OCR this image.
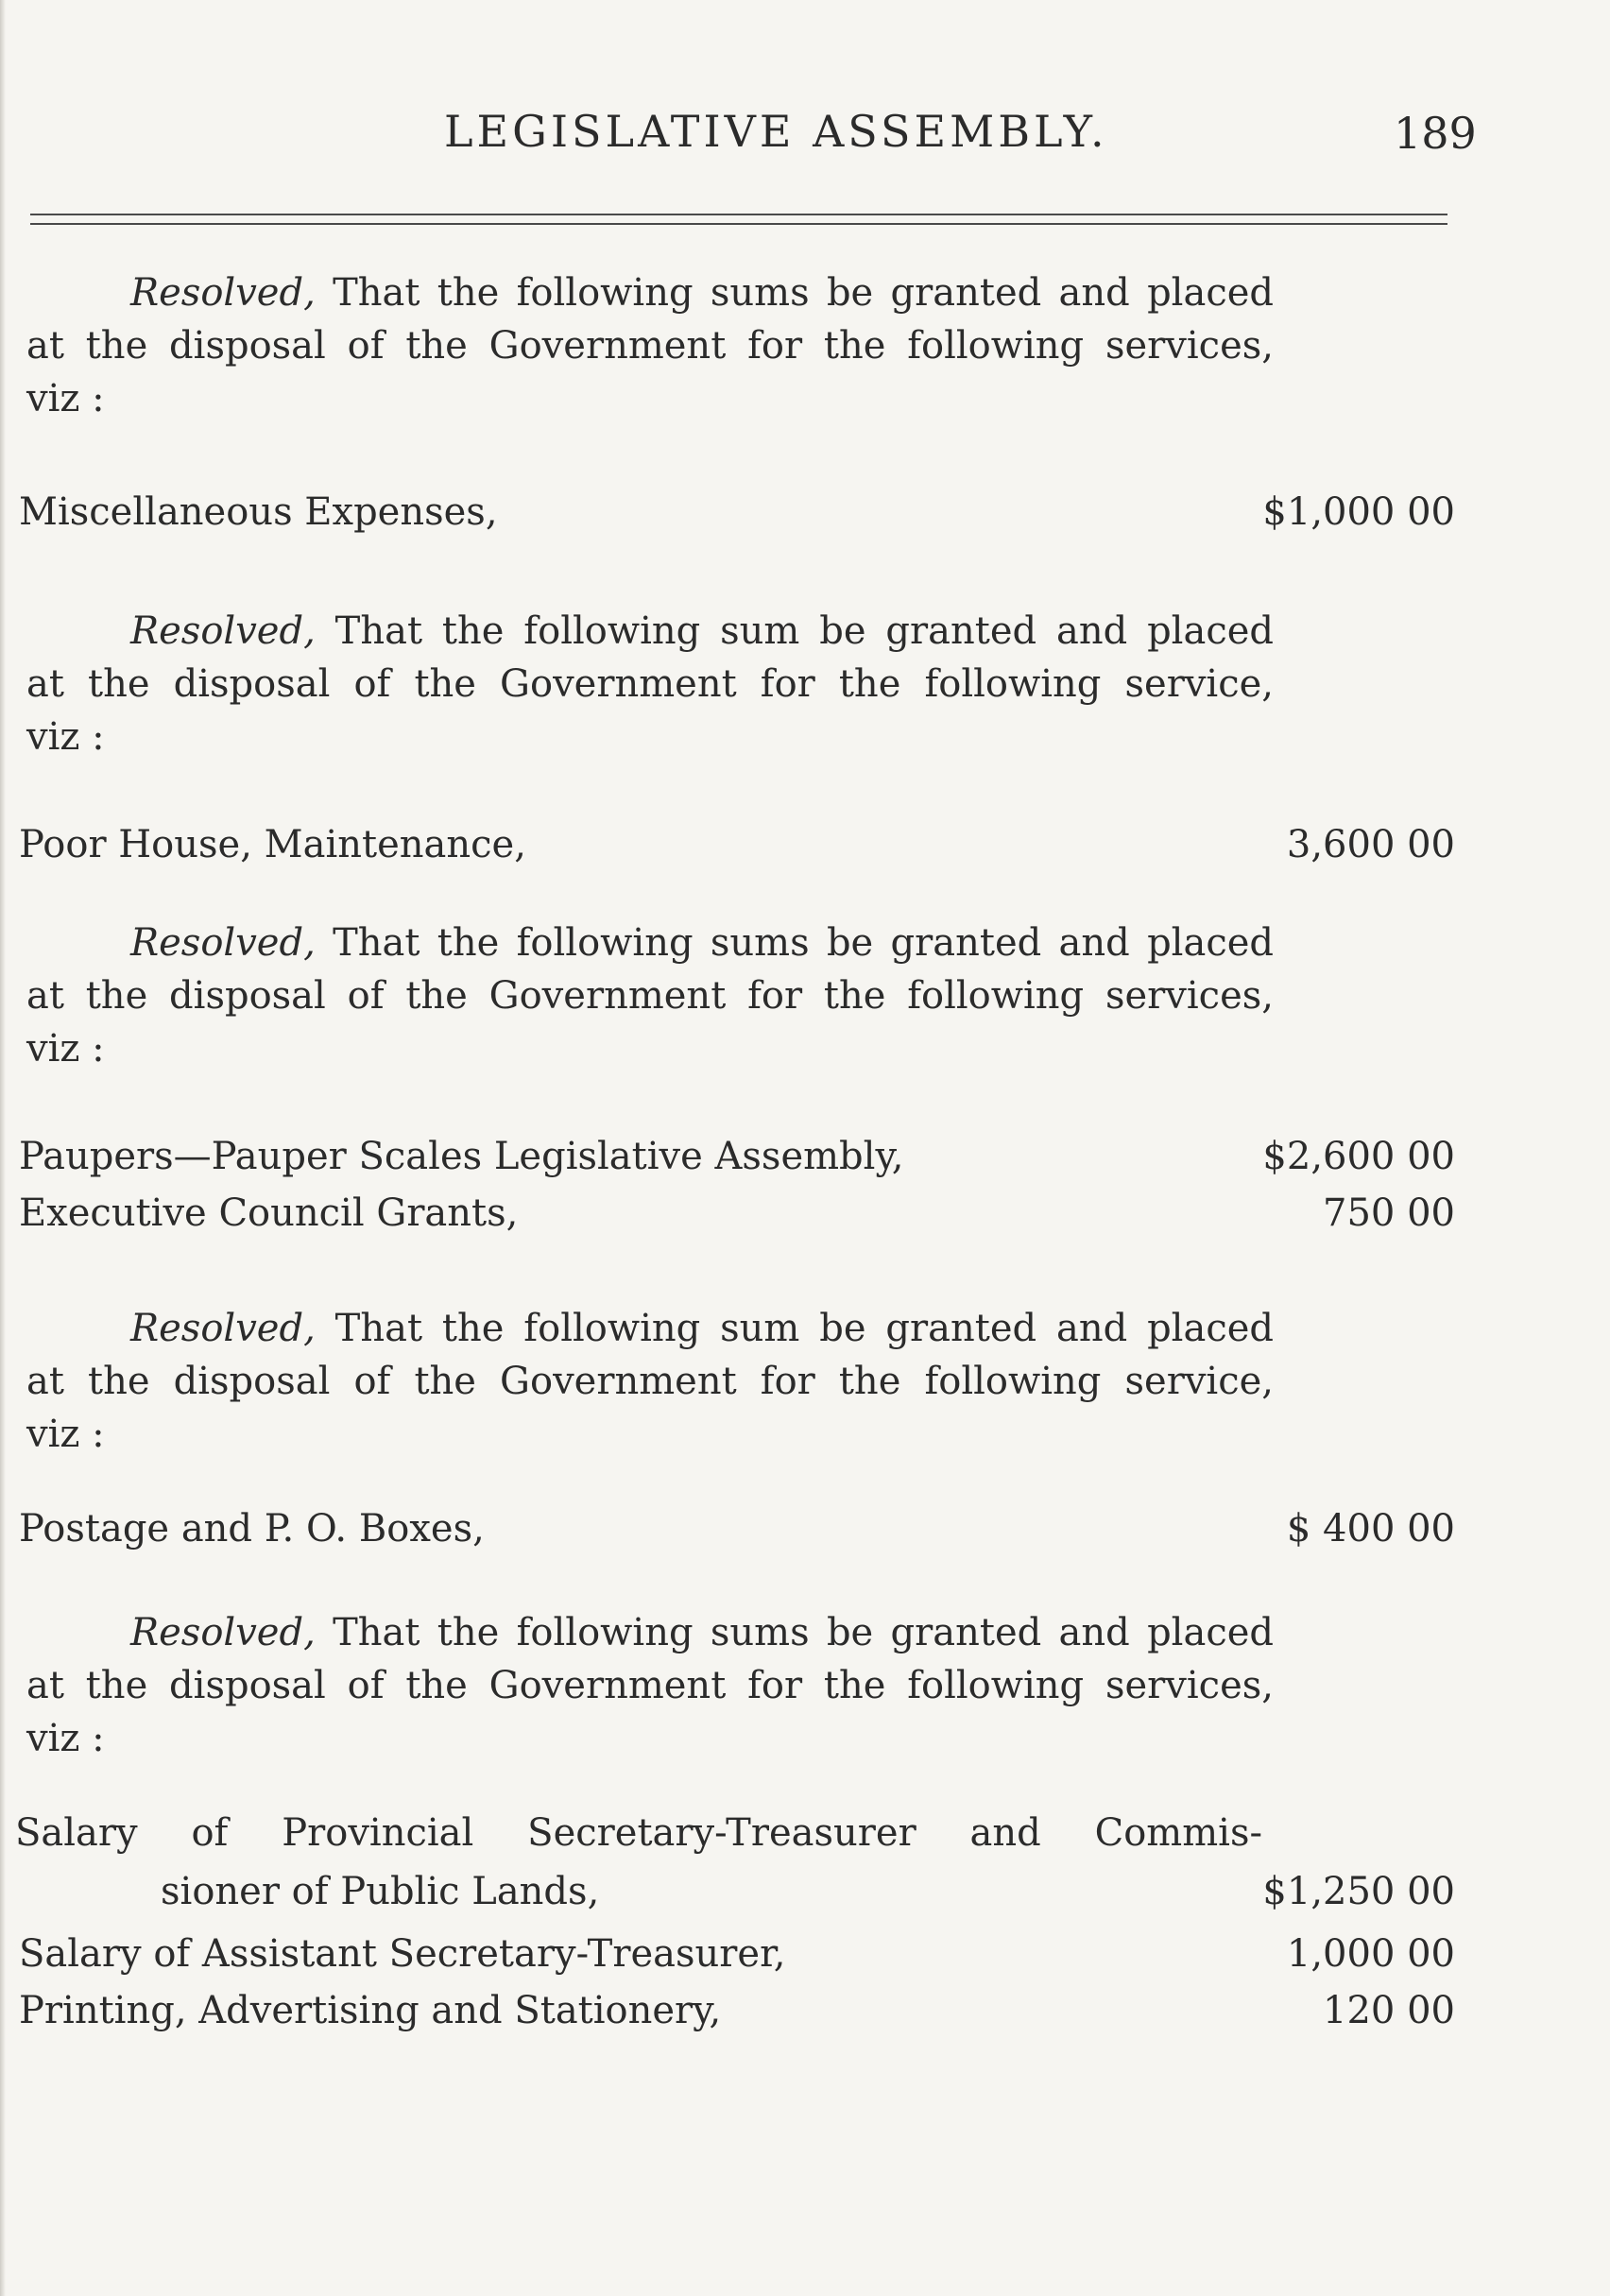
LEGISLATIVE ASSEMBLY.	189
Resolved, That the following sums be granted and placed
at the disposal of the Government for the following services,
viz :
Miscellaneous Expenses,	$1,000 00
Resolved, That the following sum be granted and placed
at the disposal of the Government for the following service,
viz :
Poor House, Maintenance,	3,600 00
Resolved, That the following sums be granted and placed
at the disposal of the Government for the following services,
viz :
Paupers—Pauper Scales Legislative Assembly,	$2,600 00
Executive Council Grants,	750 00
Resolved, That the following sum be granted and placed
at the disposal of the Government for the following service,
viz :
Postage and P. O. Boxes,	$ 400 00
Resolved, That the following sums be granted and placed
at the disposal of the Government for the following services,
viz :
Salary of Provincial Secretary-Treasurer and Commis-
sioner of Public Lands,	$1,250 00
Salary of Assistant Secretary-Treasurer,	1,000 00
Printing, Advertising and Stationery,	120 00
